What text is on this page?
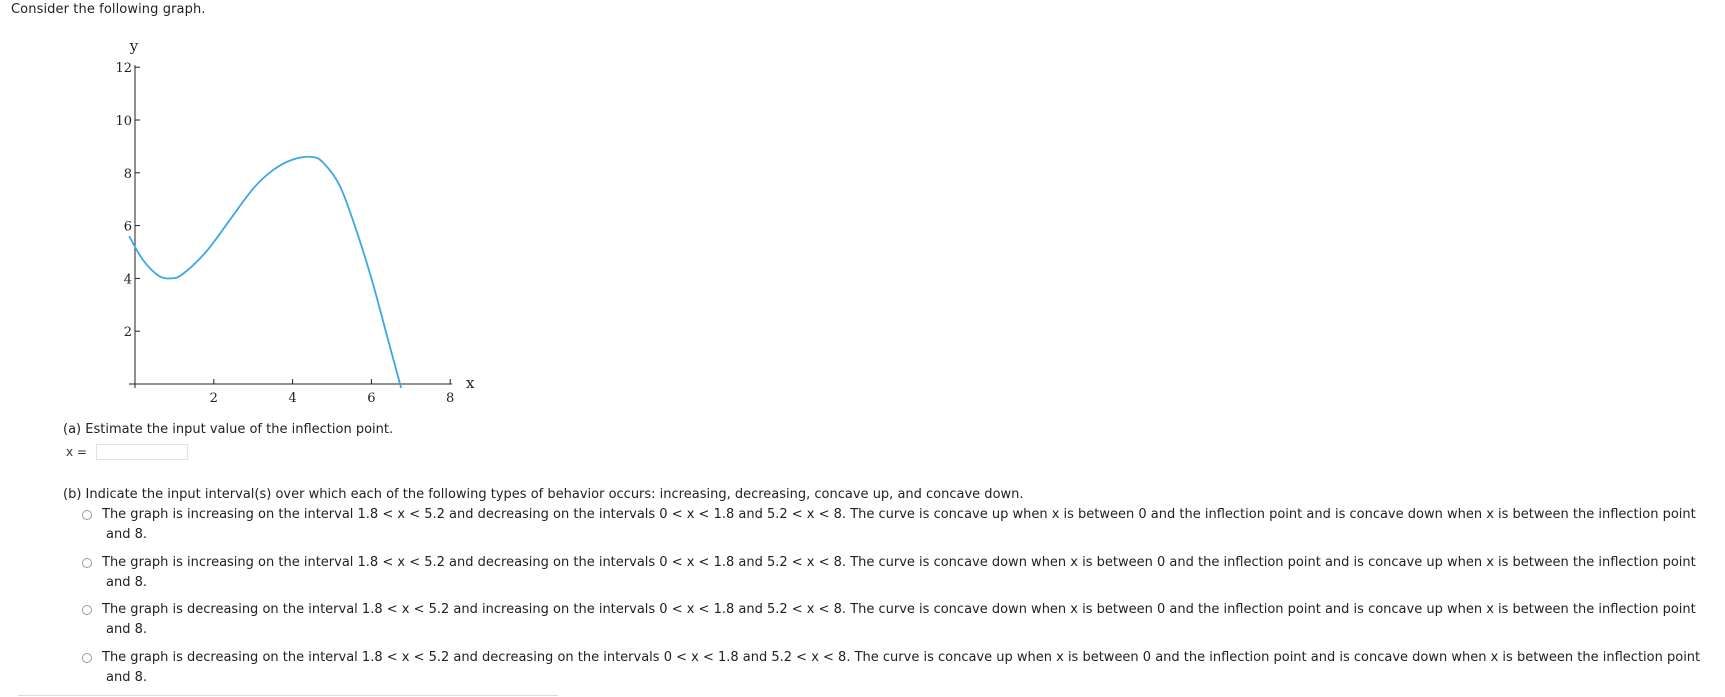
Consider the following graph.
y
x
2
4
6
8
10
12
2	4	6	8
(a) Estimate the input value of the inflection point.
x =
(b) Indicate the input interval(s) over which each of the following types of behavior occurs: increasing, decreasing, concave up, and concave down.
The graph is increasing on the interval 1.8 < x < 5.2 and decreasing on the intervals 0 < x < 1.8 and 5.2 < x < 8. The curve is concave up when x is between 0 and the inflection point and is concave down when x is between the inflection point
and 8.
The graph is increasing on the interval 1.8 < x < 5.2 and decreasing on the intervals 0 < x < 1.8 and 5.2 < x < 8. The curve is concave down when x is between 0 and the inflection point and is concave up when x is between the inflection point
and 8.
The graph is decreasing on the interval 1.8 < x < 5.2 and increasing on the intervals 0 < x < 1.8 and 5.2 < x < 8. The curve is concave down when x is between 0 and the inflection point and is concave up when x is between the inflection point
and 8.
The graph is decreasing on the interval 1.8 < x < 5.2 and decreasing on the intervals 0 < x < 1.8 and 5.2 < x < 8. The curve is concave up when x is between 0 and the inflection point and is concave down when x is between the inflection point
and 8.
